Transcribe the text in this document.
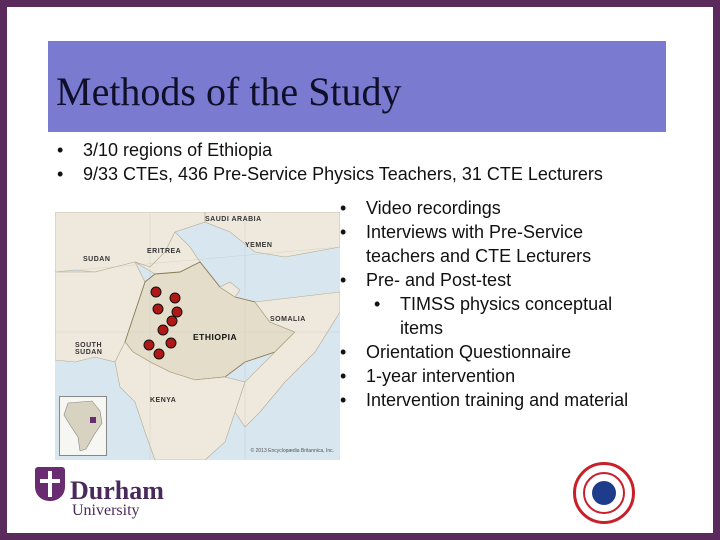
Methods of the Study
• 3/10 regions of Ethiopia
• 9/33 CTEs, 436 Pre-Service Physics Teachers, 31 CTE Lecturers
• Video recordings
• Interviews with Pre-Service teachers and CTE Lecturers
• Pre- and Post-test
• TIMSS physics conceptual items
• Orientation Questionnaire
• 1-year intervention
• Intervention training and material
SUDAN
SAUDI ARABIA
YEMEN
ERITREA
SOUTH SUDAN
ETHIOPIA
SOMALIA
KENYA
© 2013 Encyclopædia Britannica, Inc.
Durham
University
